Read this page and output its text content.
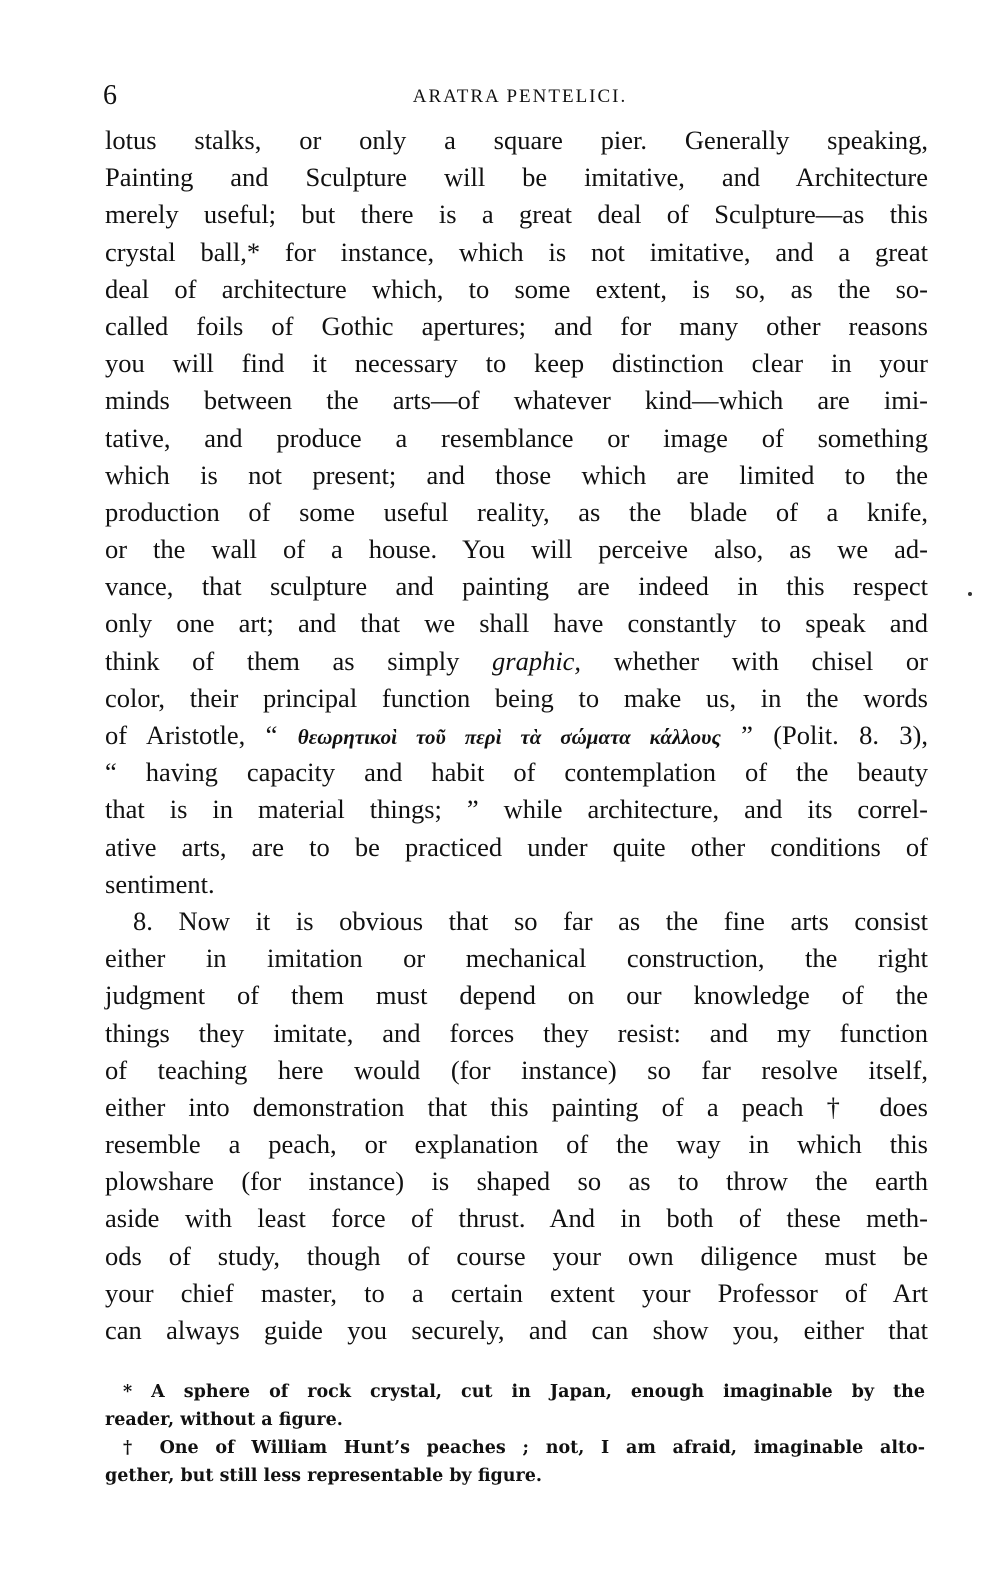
6	ARATRA PENTELICI.
lotus stalks, or only a square pier. Generally speaking,
Painting and Sculpture will be imitative, and Architecture
merely useful; but there is a great deal of Sculpture—as this
crystal ball,* for instance, which is not imitative, and a great
deal of architecture which, to some extent, is so, as the so-
called foils of Gothic apertures; and for many other reasons
you will find it necessary to keep distinction clear in your
minds between the arts—of whatever kind—which are imi-
tative, and produce a resemblance or image of something
which is not present; and those which are limited to the
production of some useful reality, as the blade of a knife,
or the wall of a house. You will perceive also, as we ad-
vance, that sculpture and painting are indeed in this respect
only one art; and that we shall have constantly to speak and
think of them as simply graphic, whether with chisel or
color, their principal function being to make us, in the words
of Aristotle, “ θεωρητικοὶ τοῦ περὶ τὰ σώματα κάλλους ” (Polit. 8. 3),
“ having capacity and habit of contemplation of the beauty
that is in material things; ” while architecture, and its correl-
ative arts, are to be practiced under quite other conditions of
sentiment.
8. Now it is obvious that so far as the fine arts consist
either in imitation or mechanical construction, the right
judgment of them must depend on our knowledge of the
things they imitate, and forces they resist: and my function
of teaching here would (for instance) so far resolve itself,
either into demonstration that this painting of a peach † does
resemble a peach, or explanation of the way in which this
plowshare (for instance) is shaped so as to throw the earth
aside with least force of thrust. And in both of these meth-
ods of study, though of course your own diligence must be
your chief master, to a certain extent your Professor of Art
can always guide you securely, and can show you, either that
* A sphere of rock crystal, cut in Japan, enough imaginable by the
reader, without a figure.
† One of William Hunt’s peaches ; not, I am afraid, imaginable alto-
gether, but still less representable by figure.
